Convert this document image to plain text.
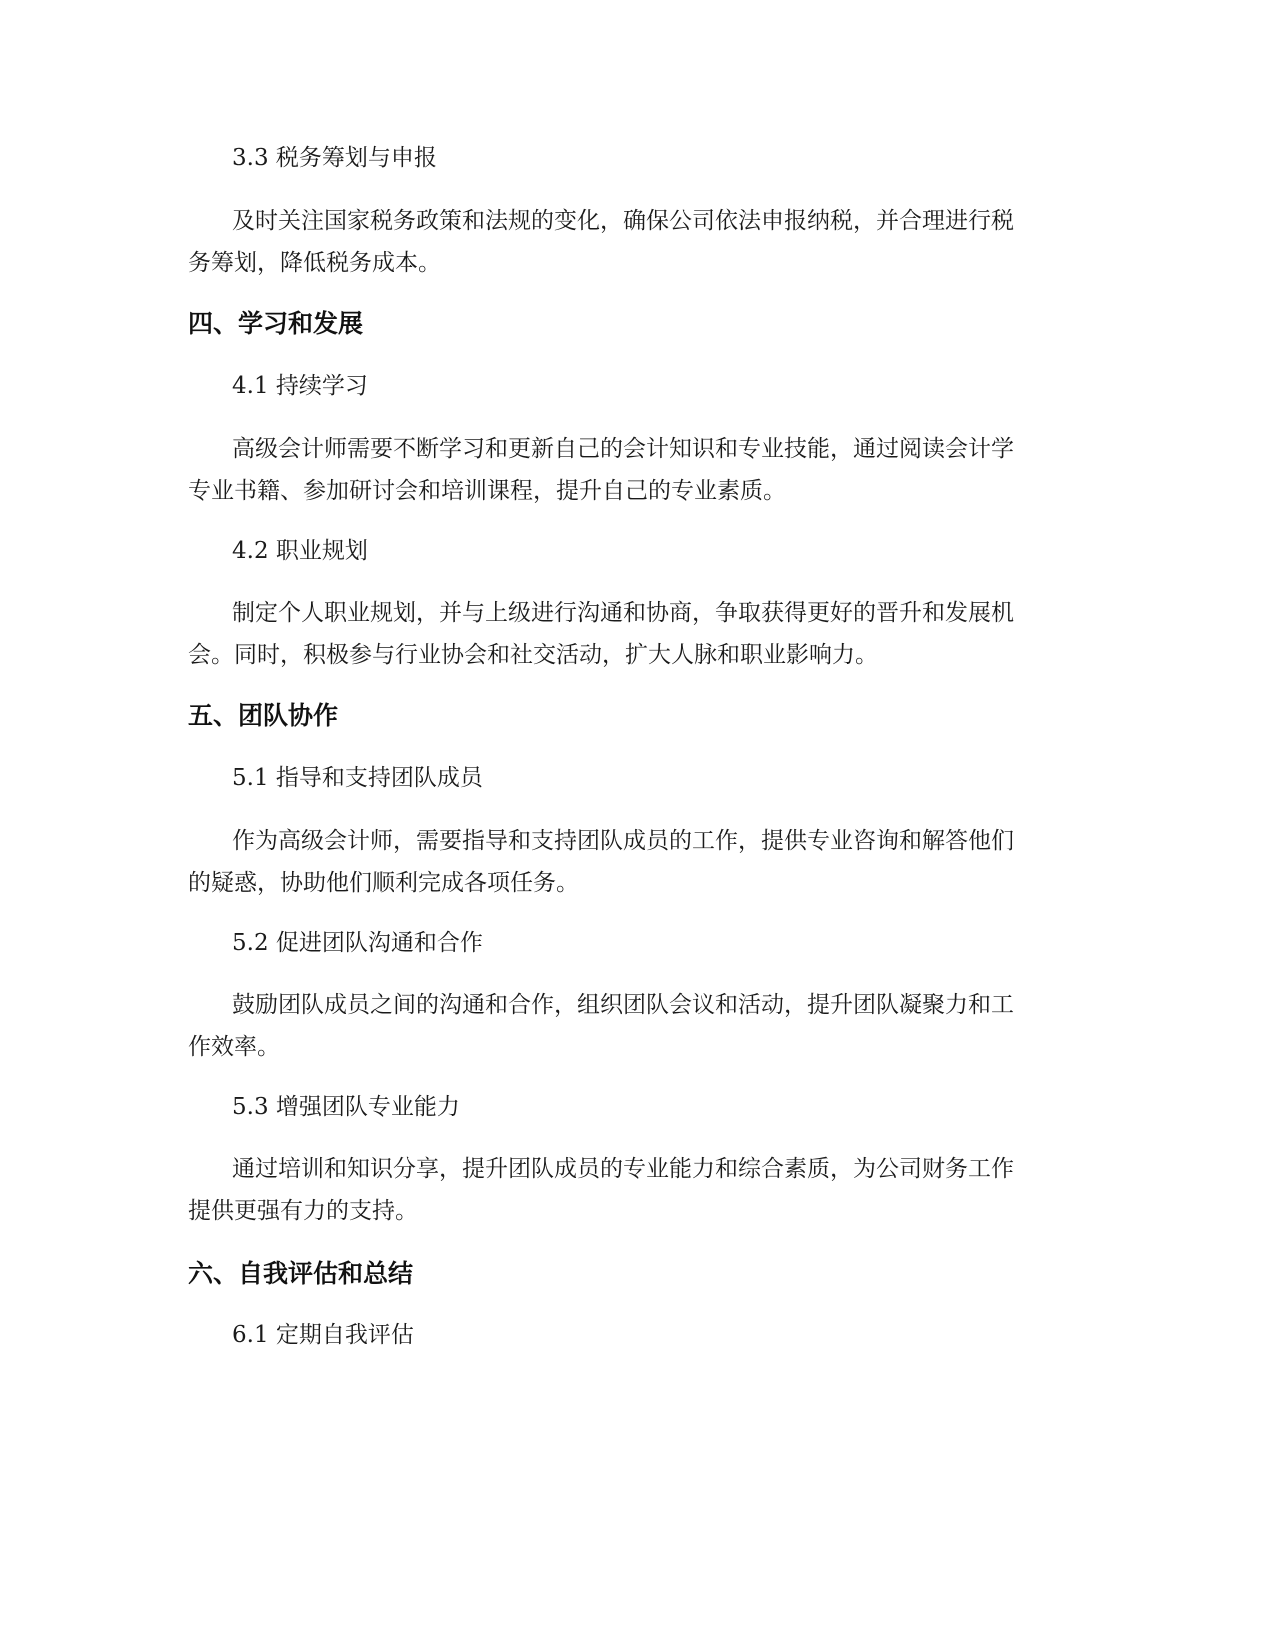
3.3 税务筹划与申报

及时关注国家税务政策和法规的变化，确保公司依法申报纳税，并合理进行税

务筹划，降低税务成本。

四、学习和发展

4.1 持续学习

高级会计师需要不断学习和更新自己的会计知识和专业技能，通过阅读会计学

专业书籍、参加研讨会和培训课程，提升自己的专业素质。

4.2 职业规划

制定个人职业规划，并与上级进行沟通和协商，争取获得更好的晋升和发展机

会。同时，积极参与行业协会和社交活动，扩大人脉和职业影响力。

五、团队协作

5.1 指导和支持团队成员

作为高级会计师，需要指导和支持团队成员的工作，提供专业咨询和解答他们

的疑惑，协助他们顺利完成各项任务。

5.2 促进团队沟通和合作

鼓励团队成员之间的沟通和合作，组织团队会议和活动，提升团队凝聚力和工

作效率。

5.3 增强团队专业能力

通过培训和知识分享，提升团队成员的专业能力和综合素质，为公司财务工作

提供更强有力的支持。

六、自我评估和总结

6.1 定期自我评估
